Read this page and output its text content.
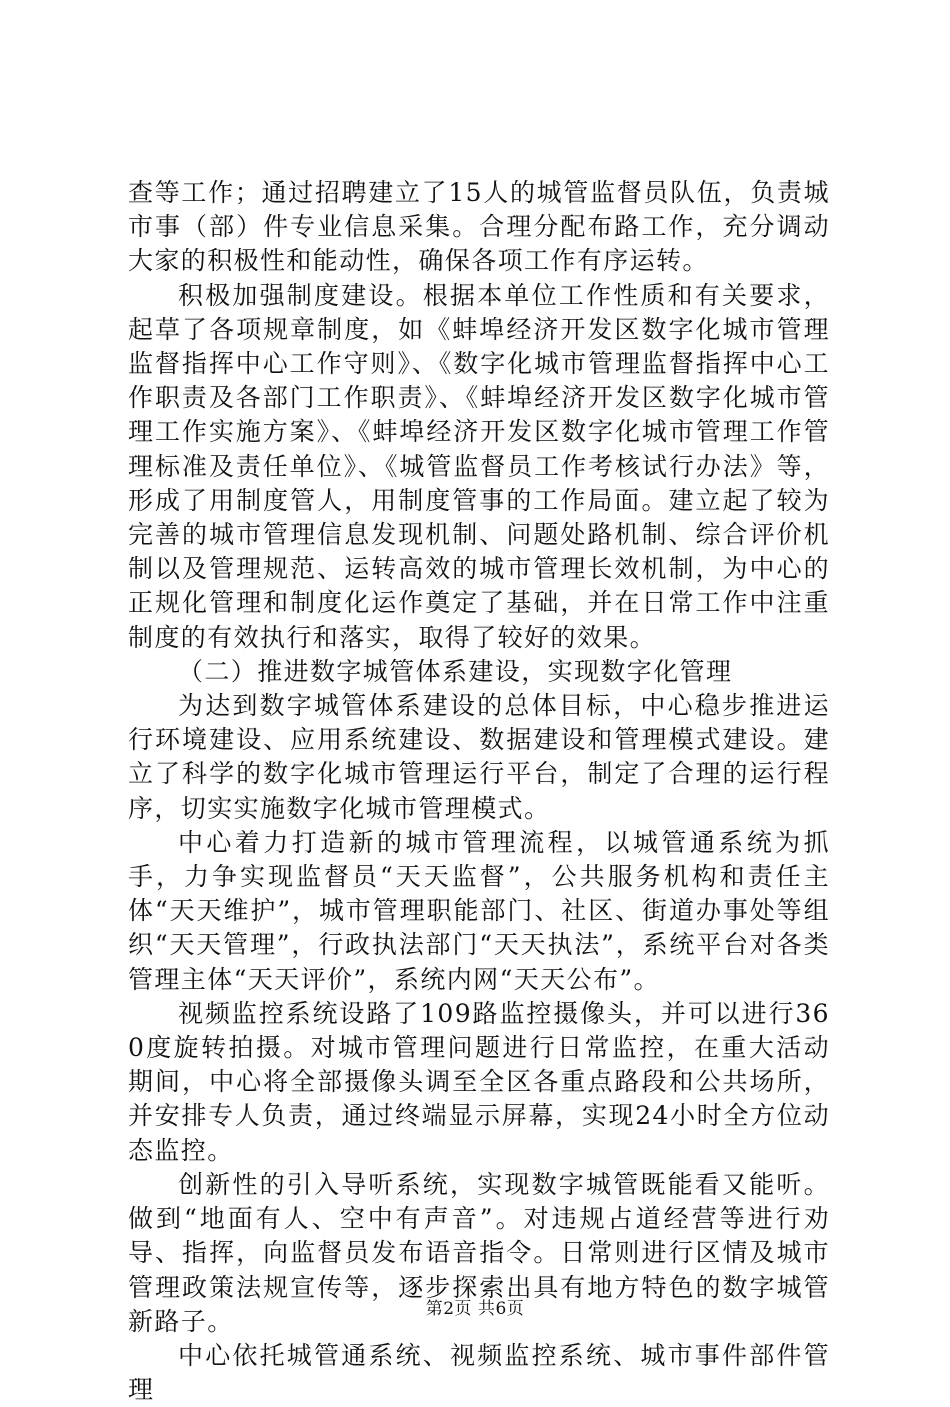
查等工作；通过招聘建立了15人的城管监督员队伍，负责城市事（部）件专业信息采集。合理分配布路工作，充分调动大家的积极性和能动性，确保各项工作有序运转。

积极加强制度建设。根据本单位工作性质和有关要求，起草了各项规章制度，如《蚌埠经济开发区数字化城市管理监督指挥中心工作守则》、《数字化城市管理监督指挥中心工作职责及各部门工作职责》、《蚌埠经济开发区数字化城市管理工作实施方案》、《蚌埠经济开发区数字化城市管理工作管理标准及责任单位》、《城管监督员工作考核试行办法》等，形成了用制度管人，用制度管事的工作局面。建立起了较为完善的城市管理信息发现机制、问题处路机制、综合评价机制以及管理规范、运转高效的城市管理长效机制，为中心的正规化管理和制度化运作奠定了基础，并在日常工作中注重制度的有效执行和落实，取得了较好的效果。

（二）推进数字城管体系建设，实现数字化管理

为达到数字城管体系建设的总体目标，中心稳步推进运行环境建设、应用系统建设、数据建设和管理模式建设。建立了科学的数字化城市管理运行平台，制定了合理的运行程序，切实实施数字化城市管理模式。

中心着力打造新的城市管理流程，以城管通系统为抓手，力争实现监督员“天天监督”，公共服务机构和责任主体“天天维护”，城市管理职能部门、社区、街道办事处等组织“天天管理”，行政执法部门“天天执法”，系统平台对各类管理主体“天天评价”，系统内网“天天公布”。

视频监控系统设路了109路监控摄像头，并可以进行360度旋转拍摄。对城市管理问题进行日常监控，在重大活动期间，中心将全部摄像头调至全区各重点路段和公共场所，并安排专人负责，通过终端显示屏幕，实现24小时全方位动态监控。

创新性的引入导听系统，实现数字城管既能看又能听。做到“地面有人、空中有声音”。对违规占道经营等进行劝导、指挥，向监督员发布语音指令。日常则进行区情及城市管理政策法规宣传等，逐步探索出具有地方特色的数字城管新路子。

中心依托城管通系统、视频监控系统、城市事件部件管理

第2页 共6页
